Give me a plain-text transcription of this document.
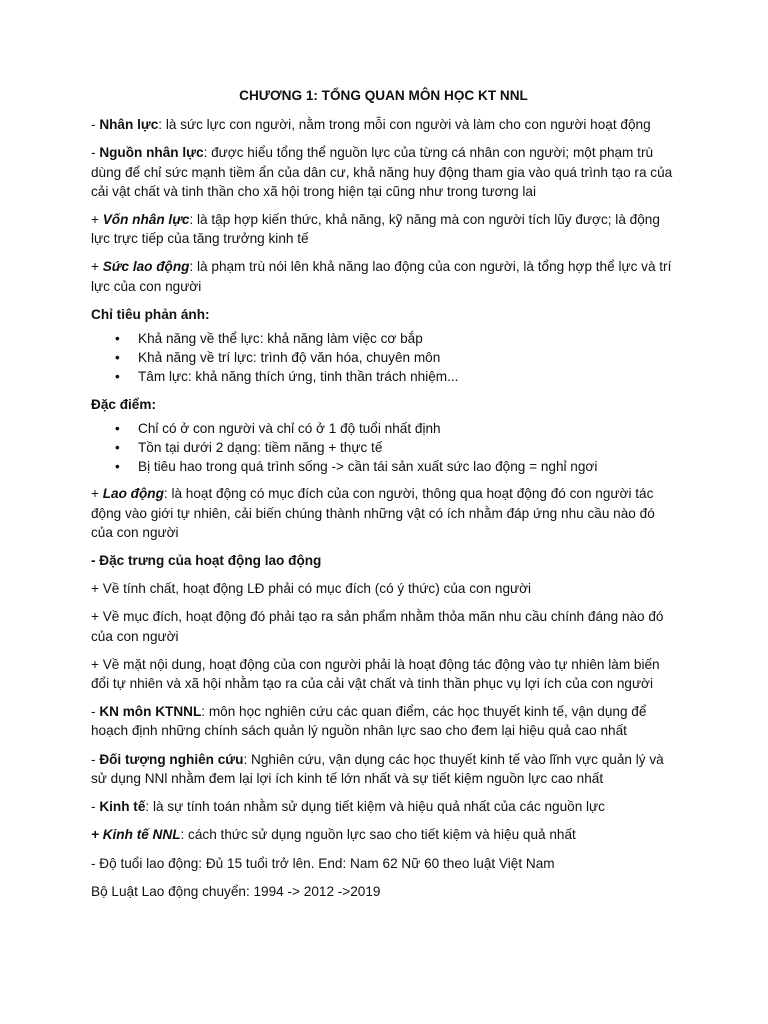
CHƯƠNG 1: TỔNG QUAN MÔN HỌC KT NNL

- Nhân lực: là sức lực con người, nằm trong mỗi con người và làm cho con người hoạt động

- Nguồn nhân lực: được hiểu tổng thể nguồn lực của từng cá nhân con người; một phạm trù dùng để chỉ sức mạnh tiềm ẩn của dân cư, khả năng huy động tham gia vào quá trình tạo ra của cải vật chất và tinh thần cho xã hội trong hiện tại cũng như trong tương lai

+ Vốn nhân lực: là tập hợp kiến thức, khả năng, kỹ năng mà con người tích lũy được; là động lực trực tiếp của tăng trưởng kinh tế

+ Sức lao động: là phạm trù nói lên khả năng lao động của con người, là tổng hợp thể lực và trí lực của con người

Chỉ tiêu phản ánh:

• Khả năng về thể lực: khả năng làm việc cơ bắp
• Khả năng về trí lực: trình độ văn hóa, chuyên môn
• Tâm lực: khả năng thích ứng, tinh thần trách nhiệm...

Đặc điểm:

• Chỉ có ở con người và chỉ có ở 1 độ tuổi nhất định
• Tồn tại dưới 2 dạng: tiềm năng + thực tế
• Bị tiêu hao trong quá trình sống -> cần tái sản xuất sức lao động = nghỉ ngơi

+ Lao động: là hoạt động có mục đích của con người, thông qua hoạt động đó con người tác động vào giới tự nhiên, cải biến chúng thành những vật có ích nhằm đáp ứng nhu cầu nào đó của con người

- Đặc trưng của hoạt động lao động

+ Về tính chất, hoạt động LĐ phải có mục đích (có ý thức) của con người

+ Về mục đích, hoạt động đó phải tạo ra sản phẩm nhằm thỏa mãn nhu cầu chính đáng nào đó của con người

+ Về mặt nội dung, hoạt động của con người phải là hoạt động tác động vào tự nhiên làm biến đổi tự nhiên và xã hội nhằm tạo ra của cải vật chất và tinh thần phục vụ lợi ích của con người

- KN môn KTNNL: môn học nghiên cứu các quan điểm, các học thuyết kinh tế, vận dụng để hoạch định những chính sách quản lý nguồn nhân lực sao cho đem lại hiệu quả cao nhất

- Đối tượng nghiên cứu: Nghiên cứu, vận dụng các học thuyết kinh tế vào lĩnh vực quản lý và sử dụng NNl nhằm đem lại lợi ích kinh tế lớn nhất và sự tiết kiệm nguồn lực cao nhất

- Kinh tế: là sự tính toán nhằm sử dụng tiết kiệm và hiệu quả nhất của các nguồn lực

+ Kinh tế NNL: cách thức sử dụng nguồn lực sao cho tiết kiệm và hiệu quả nhất

- Độ tuổi lao động: Đủ 15 tuổi trở lên. End: Nam 62 Nữ 60 theo luật Việt Nam

Bộ Luật Lao động chuyển: 1994 -> 2012 ->2019
